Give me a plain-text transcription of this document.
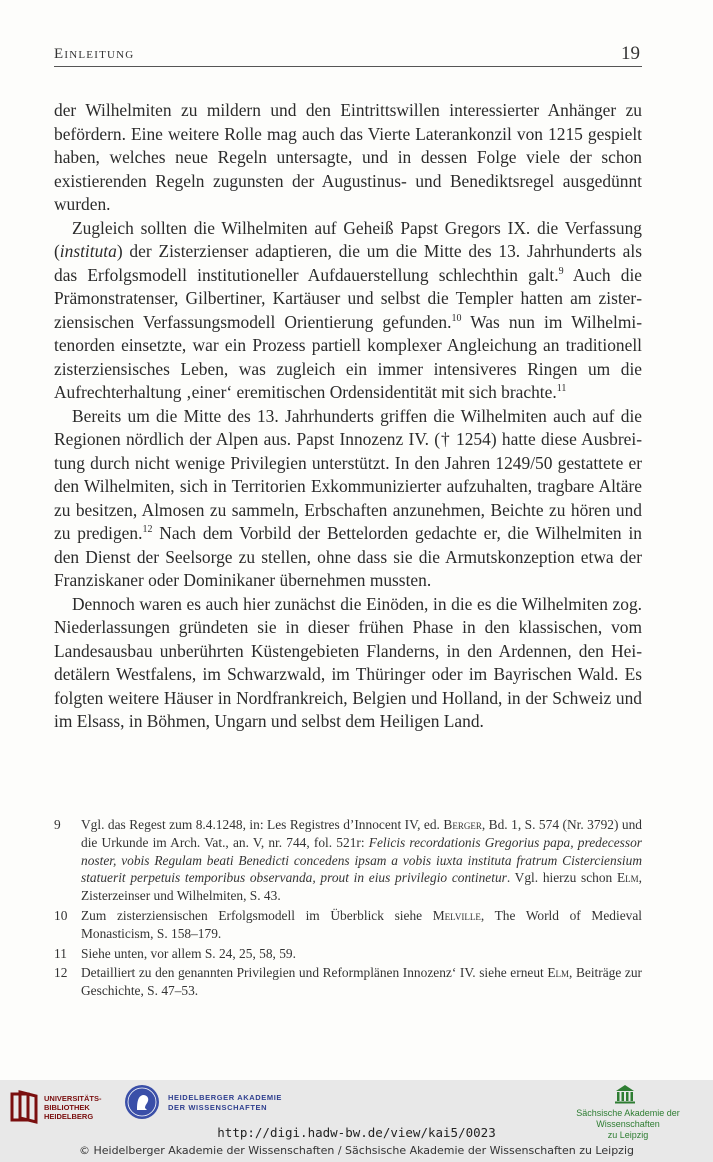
Einleitung	19

der Wilhelmiten zu mildern und den Eintrittswillen interessierter Anhänger zu befördern. Eine weitere Rolle mag auch das Vierte Laterankonzil von 1215 gespielt haben, welches neue Regeln untersagte, und in dessen Folge viele der schon existierenden Regeln zugunsten der Augustinus- und Benediktsregel ausgedünnt wurden.

Zugleich sollten die Wilhelmiten auf Geheiß Papst Gregors IX. die Verfassung (instituta) der Zisterzienser adaptieren, die um die Mitte des 13. Jahrhunderts als das Erfolgsmodell institutioneller Aufdauerstellung schlechthin galt.$^9$ Auch die Prämonstratenser, Gilbertiner, Kartäuser und selbst die Templer hatten am zisterziensischen Verfassungsmodell Orientierung gefunden.$^{10}$ Was nun im Wilhelmitenorden einsetzte, war ein Prozess partiell komplexer Angleichung an traditionell zisterziensisches Leben, was zugleich ein immer intensiveres Ringen um die Aufrechterhaltung ‚einer‘ eremitischen Ordensidentität mit sich brachte.$^{11}$

Bereits um die Mitte des 13. Jahrhunderts griffen die Wilhelmiten auch auf die Regionen nördlich der Alpen aus. Papst Innozenz IV. († 1254) hatte diese Ausbreitung durch nicht wenige Privilegien unterstützt. In den Jahren 1249/50 gestattete er den Wilhelmiten, sich in Territorien Exkommunizierter aufzuhalten, tragbare Altäre zu besitzen, Almosen zu sammeln, Erbschaften anzunehmen, Beichte zu hören und zu predigen.$^{12}$ Nach dem Vorbild der Bettelorden gedachte er, die Wilhelmiten in den Dienst der Seelsorge zu stellen, ohne dass sie die Armutskonzeption etwa der Franziskaner oder Dominikaner übernehmen mussten.

Dennoch waren es auch hier zunächst die Einöden, in die es die Wilhelmiten zog. Niederlassungen gründeten sie in dieser frühen Phase in den klassischen, vom Landesausbau unberührten Küstengebieten Flanderns, in den Ardennen, den Heidetälern Westfalens, im Schwarzwald, im Thüringer oder im Bayrischen Wald. Es folgten weitere Häuser in Nordfrankreich, Belgien und Holland, in der Schweiz und im Elsass, in Böhmen, Ungarn und selbst dem Heiligen Land.

9	Vgl. das Regest zum 8.4.1248, in: Les Registres d’Innocent IV, ed. Berger, Bd. 1, S. 574 (Nr. 3792) und die Urkunde im Arch. Vat., an. V, nr. 744, fol. 521r: Felicis recordationis Gregorius papa, predecessor noster, vobis Regulam beati Benedicti concedens ipsam a vobis iuxta instituta fratrum Cisterciensium statuerit perpetuis temporibus observanda, prout in eius privilegio continetur. Vgl. hierzu schon Elm, Zisterzeinser und Wilhelmiten, S. 43.
10	Zum zisterziensischen Erfolgsmodell im Überblick siehe Melville, The World of Medieval Monasticism, S. 158–179.
11	Siehe unten, vor allem S. 24, 25, 58, 59.
12	Detailliert zu den genannten Privilegien und Reformplänen Innozenz‘ IV. siehe erneut Elm, Beiträge zur Geschichte, S. 47–53.
UNIVERSITÄTS-
BIBLIOTHEK
HEIDELBERG
HEIDELBERGER AKADEMIE
DER WISSENSCHAFTEN
Sächsische Akademie der Wissenschaften
zu Leipzig
http://digi.hadw-bw.de/view/kai5/0023
© Heidelberger Akademie der Wissenschaften / Sächsische Akademie der Wissenschaften zu Leipzig
